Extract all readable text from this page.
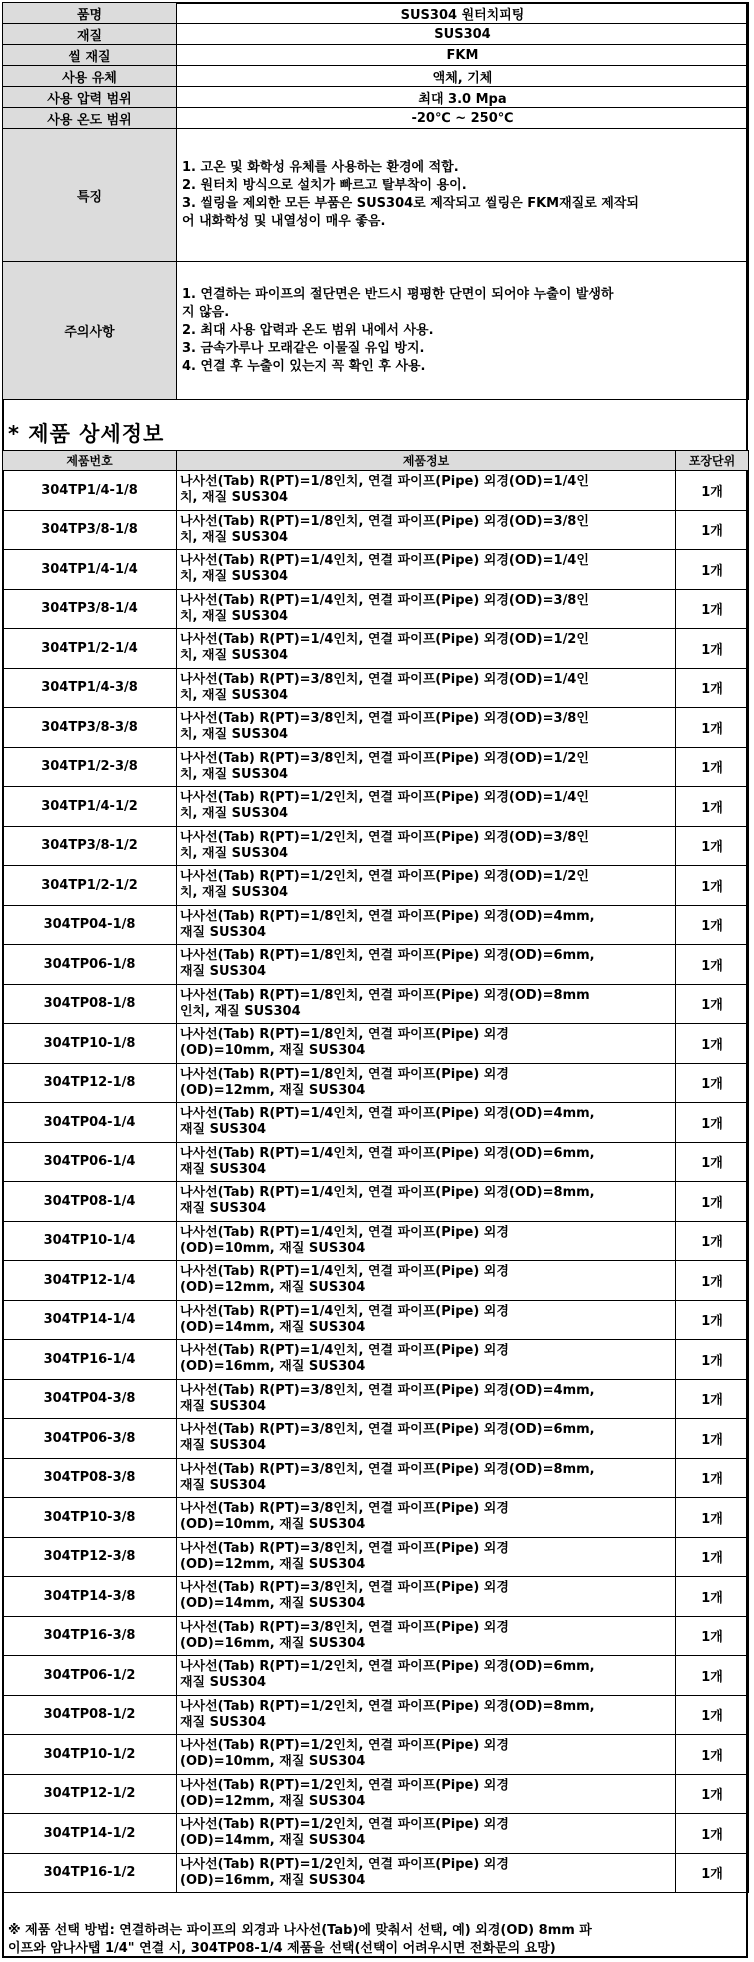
품명	SUS304 원터치피팅
재질	SUS304
씰 재질	FKM
사용 유체	액체, 기체
사용 압력 범위	최대 3.0 Mpa
사용 온도 범위	-20℃ ~ 250℃
특징	1. 고온 및 화학성 유체를 사용하는 환경에 적합.
2. 원터치 방식으로 설치가 빠르고 탈부착이 용이.
3. 씰링을 제외한 모든 부품은 SUS304로 제작되고 씰링은 FKM재질로 제작되
어 내화학성 및 내열성이 매우 좋음.

주의사항	1. 연결하는 파이프의 절단면은 반드시 평평한 단면이 되어야 누출이 발생하
지 않음.
2. 최대 사용 압력과 온도 범위 내에서 사용.
3. 금속가루나 모래같은 이물질 유입 방지.
4. 연결 후 누출이 있는지 꼭 확인 후 사용.
* 제품 상세정보
제품번호	제품정보	포장단위
304TP1/4-1/8	나사선(Tab) R(PT)=1/8인치, 연결 파이프(Pipe) 외경(OD)=1/4인
치, 재질 SUS304	1개
304TP3/8-1/8	나사선(Tab) R(PT)=1/8인치, 연결 파이프(Pipe) 외경(OD)=3/8인
치, 재질 SUS304	1개
304TP1/4-1/4	나사선(Tab) R(PT)=1/4인치, 연결 파이프(Pipe) 외경(OD)=1/4인
치, 재질 SUS304	1개
304TP3/8-1/4	나사선(Tab) R(PT)=1/4인치, 연결 파이프(Pipe) 외경(OD)=3/8인
치, 재질 SUS304	1개
304TP1/2-1/4	나사선(Tab) R(PT)=1/4인치, 연결 파이프(Pipe) 외경(OD)=1/2인
치, 재질 SUS304	1개
304TP1/4-3/8	나사선(Tab) R(PT)=3/8인치, 연결 파이프(Pipe) 외경(OD)=1/4인
치, 재질 SUS304	1개
304TP3/8-3/8	나사선(Tab) R(PT)=3/8인치, 연결 파이프(Pipe) 외경(OD)=3/8인
치, 재질 SUS304	1개
304TP1/2-3/8	나사선(Tab) R(PT)=3/8인치, 연결 파이프(Pipe) 외경(OD)=1/2인
치, 재질 SUS304	1개
304TP1/4-1/2	나사선(Tab) R(PT)=1/2인치, 연결 파이프(Pipe) 외경(OD)=1/4인
치, 재질 SUS304	1개
304TP3/8-1/2	나사선(Tab) R(PT)=1/2인치, 연결 파이프(Pipe) 외경(OD)=3/8인
치, 재질 SUS304	1개
304TP1/2-1/2	나사선(Tab) R(PT)=1/2인치, 연결 파이프(Pipe) 외경(OD)=1/2인
치, 재질 SUS304	1개
304TP04-1/8	나사선(Tab) R(PT)=1/8인치, 연결 파이프(Pipe) 외경(OD)=4mm,
재질 SUS304	1개
304TP06-1/8	나사선(Tab) R(PT)=1/8인치, 연결 파이프(Pipe) 외경(OD)=6mm,
재질 SUS304	1개
304TP08-1/8	나사선(Tab) R(PT)=1/8인치, 연결 파이프(Pipe) 외경(OD)=8mm
인치, 재질 SUS304	1개
304TP10-1/8	나사선(Tab) R(PT)=1/8인치, 연결 파이프(Pipe) 외경
(OD)=10mm, 재질 SUS304	1개
304TP12-1/8	나사선(Tab) R(PT)=1/8인치, 연결 파이프(Pipe) 외경
(OD)=12mm, 재질 SUS304	1개
304TP04-1/4	나사선(Tab) R(PT)=1/4인치, 연결 파이프(Pipe) 외경(OD)=4mm,
재질 SUS304	1개
304TP06-1/4	나사선(Tab) R(PT)=1/4인치, 연결 파이프(Pipe) 외경(OD)=6mm,
재질 SUS304	1개
304TP08-1/4	나사선(Tab) R(PT)=1/4인치, 연결 파이프(Pipe) 외경(OD)=8mm,
재질 SUS304	1개
304TP10-1/4	나사선(Tab) R(PT)=1/4인치, 연결 파이프(Pipe) 외경
(OD)=10mm, 재질 SUS304	1개
304TP12-1/4	나사선(Tab) R(PT)=1/4인치, 연결 파이프(Pipe) 외경
(OD)=12mm, 재질 SUS304	1개
304TP14-1/4	나사선(Tab) R(PT)=1/4인치, 연결 파이프(Pipe) 외경
(OD)=14mm, 재질 SUS304	1개
304TP16-1/4	나사선(Tab) R(PT)=1/4인치, 연결 파이프(Pipe) 외경
(OD)=16mm, 재질 SUS304	1개
304TP04-3/8	나사선(Tab) R(PT)=3/8인치, 연결 파이프(Pipe) 외경(OD)=4mm,
재질 SUS304	1개
304TP06-3/8	나사선(Tab) R(PT)=3/8인치, 연결 파이프(Pipe) 외경(OD)=6mm,
재질 SUS304	1개
304TP08-3/8	나사선(Tab) R(PT)=3/8인치, 연결 파이프(Pipe) 외경(OD)=8mm,
재질 SUS304	1개
304TP10-3/8	나사선(Tab) R(PT)=3/8인치, 연결 파이프(Pipe) 외경
(OD)=10mm, 재질 SUS304	1개
304TP12-3/8	나사선(Tab) R(PT)=3/8인치, 연결 파이프(Pipe) 외경
(OD)=12mm, 재질 SUS304	1개
304TP14-3/8	나사선(Tab) R(PT)=3/8인치, 연결 파이프(Pipe) 외경
(OD)=14mm, 재질 SUS304	1개
304TP16-3/8	나사선(Tab) R(PT)=3/8인치, 연결 파이프(Pipe) 외경
(OD)=16mm, 재질 SUS304	1개
304TP06-1/2	나사선(Tab) R(PT)=1/2인치, 연결 파이프(Pipe) 외경(OD)=6mm,
재질 SUS304	1개
304TP08-1/2	나사선(Tab) R(PT)=1/2인치, 연결 파이프(Pipe) 외경(OD)=8mm,
재질 SUS304	1개
304TP10-1/2	나사선(Tab) R(PT)=1/2인치, 연결 파이프(Pipe) 외경
(OD)=10mm, 재질 SUS304	1개
304TP12-1/2	나사선(Tab) R(PT)=1/2인치, 연결 파이프(Pipe) 외경
(OD)=12mm, 재질 SUS304	1개
304TP14-1/2	나사선(Tab) R(PT)=1/2인치, 연결 파이프(Pipe) 외경
(OD)=14mm, 재질 SUS304	1개
304TP16-1/2	나사선(Tab) R(PT)=1/2인치, 연결 파이프(Pipe) 외경
(OD)=16mm, 재질 SUS304	1개
※ 제품 선택 방법: 연결하려는 파이프의 외경과 나사선(Tab)에 맞춰서 선택, 예) 외경(OD) 8mm 파
이프와 암나사탭 1/4" 연결 시, 304TP08-1/4 제품을 선택(선택이 어려우시면 전화문의 요망)
